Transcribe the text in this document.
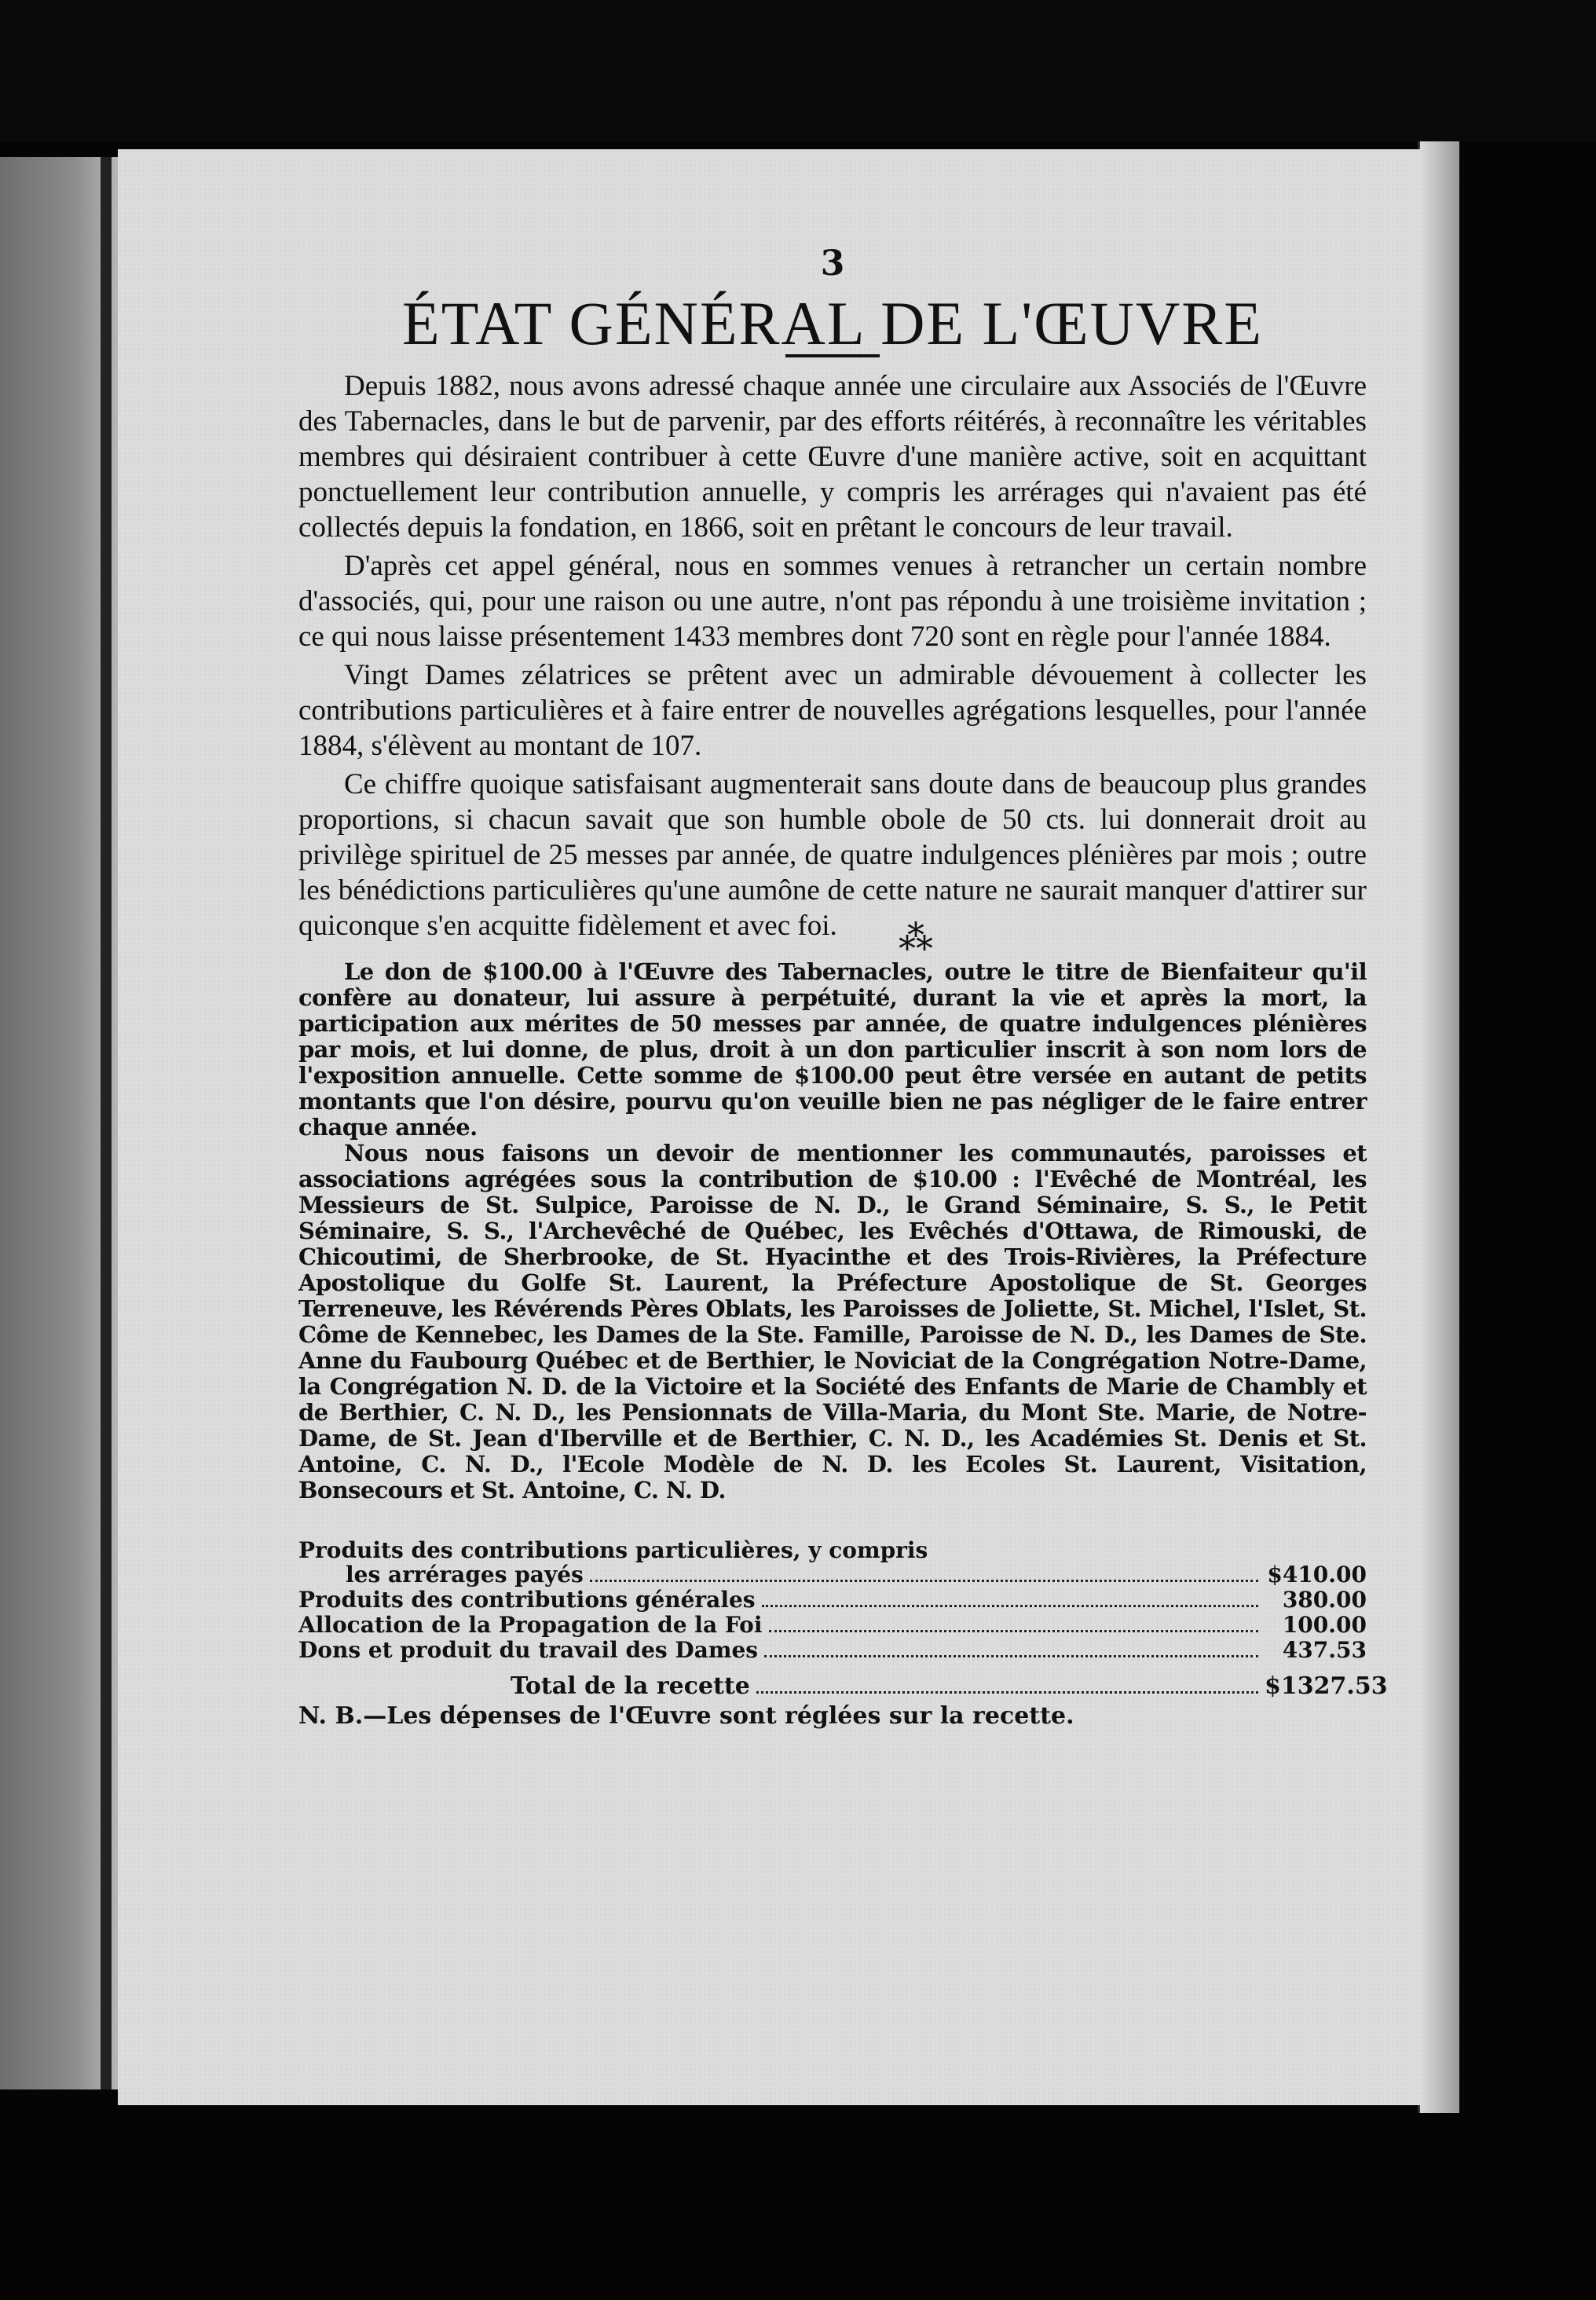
3
ÉTAT GÉNÉRAL DE L'ŒUVRE

Depuis 1882, nous avons adressé chaque année une circulaire aux Associés de l'Œuvre des Tabernacles, dans le but de parvenir, par des efforts réitérés, à reconnaître les véritables membres qui désiraient contribuer à cette Œuvre d'une manière active, soit en acquittant ponctuellement leur contribution annuelle, y compris les arrérages qui n'avaient pas été collectés depuis la fondation, en 1866, soit en prêtant le concours de leur travail.

D'après cet appel général, nous en sommes venues à retrancher un certain nombre d'associés, qui, pour une raison ou une autre, n'ont pas répondu à une troisième invitation ; ce qui nous laisse présentement 1433 membres dont 720 sont en règle pour l'année 1884.

Vingt Dames zélatrices se prêtent avec un admirable dévouement à collecter les contributions particulières et à faire entrer de nouvelles agrégations lesquelles, pour l'année 1884, s'élèvent au montant de 107.

Ce chiffre quoique satisfaisant augmenterait sans doute dans de beaucoup plus grandes proportions, si chacun savait que son humble obole de 50 cts. lui donnerait droit au privilège spirituel de 25 messes par année, de quatre indulgences plénières par mois ; outre les bénédictions particulières qu'une aumône de cette nature ne saurait manquer d'attirer sur quiconque s'en acquitte fidèlement et avec foi.	⁂

Le don de $100.00 à l'Œuvre des Tabernacles, outre le titre de Bienfaiteur qu'il confère au donateur, lui assure à perpétuité, durant la vie et après la mort, la participation aux mérites de 50 messes par année, de quatre indulgences plénières par mois, et lui donne, de plus, droit à un don particulier inscrit à son nom lors de l'exposition annuelle. Cette somme de $100.00 peut être versée en autant de petits montants que l'on désire, pourvu qu'on veuille bien ne pas négliger de le faire entrer chaque année.

Nous nous faisons un devoir de mentionner les communautés, paroisses et associations agrégées sous la contribution de $10.00 : l'Evêché de Montréal, les Messieurs de St. Sulpice, Paroisse de N. D., le Grand Séminaire, S. S., le Petit Séminaire, S. S., l'Archevêché de Québec, les Evêchés d'Ottawa, de Rimouski, de Chicoutimi, de Sherbrooke, de St. Hyacinthe et des Trois-Rivières, la Préfecture Apostolique du Golfe St. Laurent, la Préfecture Apostolique de St. Georges Terreneuve, les Révérends Pères Oblats, les Paroisses de Joliette, St. Michel, l'Islet, St. Côme de Kennebec, les Dames de la Ste. Famille, Paroisse de N. D., les Dames de Ste. Anne du Faubourg Québec et de Berthier, le Noviciat de la Congrégation Notre-Dame, la Congrégation N. D. de la Victoire et la Société des Enfants de Marie de Chambly et de Berthier, C. N. D., les Pensionnats de Villa-Maria, du Mont Ste. Marie, de Notre-Dame, de St. Jean d'Iberville et de Berthier, C. N. D., les Académies St. Denis et St. Antoine, C. N. D., l'Ecole Modèle de N. D. les Ecoles St. Laurent, Visitation, Bonsecours et St. Antoine, C. N. D.

Produits des contributions particulières, y compris
les arrérages payés	$410.00
Produits des contributions générales	380.00
Allocation de la Propagation de la Foi	100.00
Dons et produit du travail des Dames	437.53
Total de la recette	$1327.53

N. B.—Les dépenses de l'Œuvre sont réglées sur la recette.
